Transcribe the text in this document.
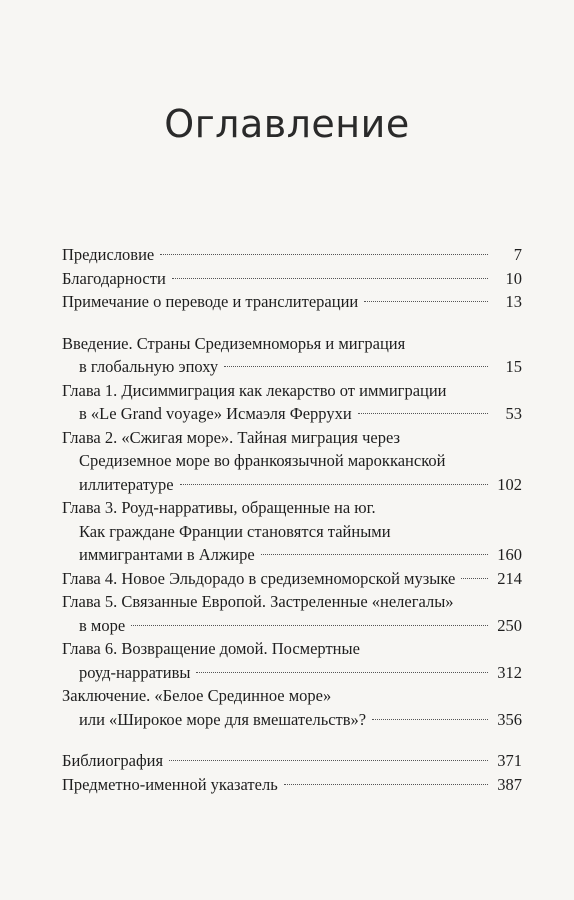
Оглавление
Предисловие	7
Благодарности	10
Примечание о переводе и транслитерации	13
Введение. Страны Средиземноморья и миграция
в глобальную эпоху	15
Глава 1. Дисиммиграция как лекарство от иммиграции
в «Le Grand voyage» Исмаэля Феррухи	53
Глава 2. «Сжигая море». Тайная миграция через
Средиземное море во франкоязычной марокканской
иллитературе	102
Глава 3. Роуд-нарративы, обращенные на юг.
Как граждане Франции становятся тайными
иммигрантами в Алжире	160
Глава 4. Новое Эльдорадо в средиземноморской музыке	214
Глава 5. Связанные Европой. Застреленные «нелегалы»
в море	250
Глава 6. Возвращение домой. Посмертные
роуд-нарративы	312
Заключение. «Белое Срединное море»
или «Широкое море для вмешательств»?	356
Библиография	371
Предметно-именной указатель	387
